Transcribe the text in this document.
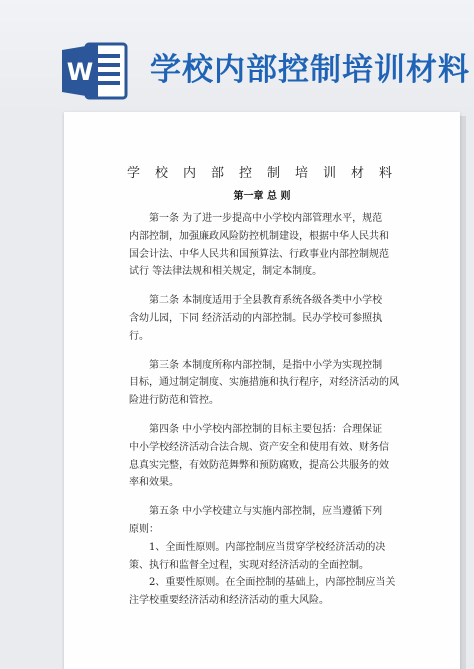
W 学校内部控制培训材料
学校内部控制培训材料
第一章 总 则
第一条 为了进一步提高中小学校内部管理水平，规范
内部控制，加强廉政风险防控机制建设，根据中华人民共和
国会计法、中华人民共和国预算法、行政事业内部控制规范
试行 等法律法规和相关规定，制定本制度。
第二条 本制度适用于全县教育系统各级各类中小学校
含幼儿园，下同 经济活动的内部控制。民办学校可参照执
行。
第三条 本制度所称内部控制，是指中小学为实现控制
目标，通过制定制度、实施措施和执行程序，对经济活动的风
险进行防范和管控。
第四条 中小学校内部控制的目标主要包括：合理保证
中小学校经济活动合法合规、资产安全和使用有效、财务信
息真实完整，有效防范舞弊和预防腐败，提高公共服务的效
率和效果。
第五条 中小学校建立与实施内部控制，应当遵循下列
原则：
1、全面性原则。内部控制应当贯穿学校经济活动的决
策、执行和监督全过程，实现对经济活动的全面控制。
2、重要性原则。在全面控制的基础上，内部控制应当关
注学校重要经济活动和经济活动的重大风险。
